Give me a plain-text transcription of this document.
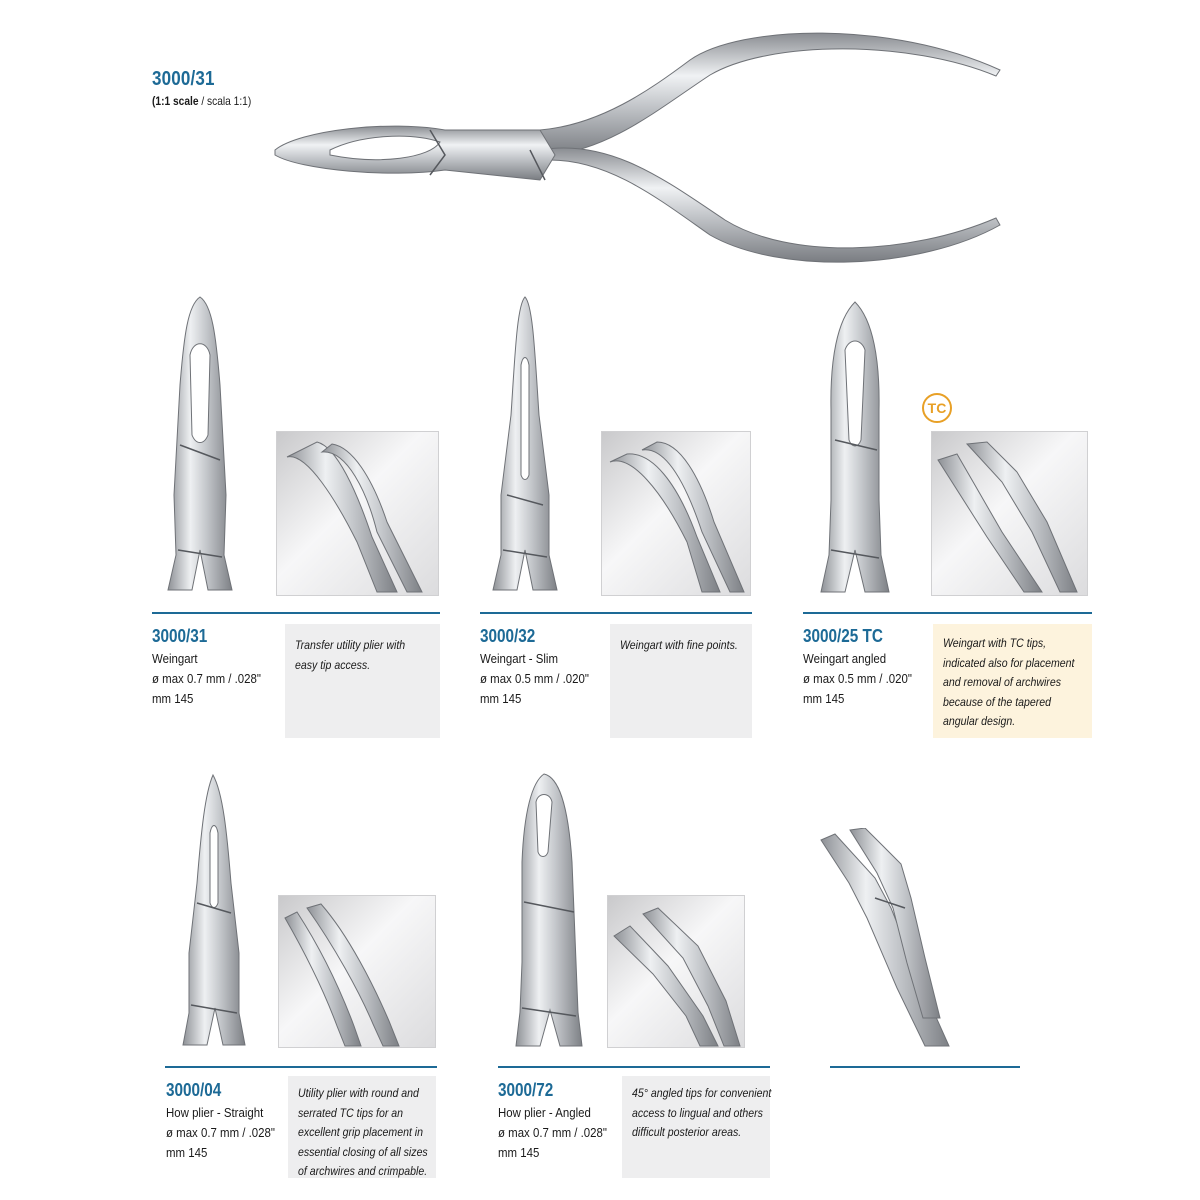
3000/31
(1:1 scale / scala 1:1)
TC
3000/31
Weingart
ø max 0.7 mm / .028"
mm 145
Transfer utility plier with
easy tip access.
3000/32
Weingart - Slim
ø max 0.5 mm / .020"
mm 145
Weingart with fine points.	3000/25 TC
Weingart angled
ø max 0.5 mm / .020"
mm 145
Weingart with TC tips,
indicated also for placement
and removal of archwires
because of the tapered
angular design.
3000/04
How plier - Straight
ø max 0.7 mm / .028"
mm 145
Utility plier with round and
serrated TC tips for an
excellent grip placement in
essential closing of all sizes
of archwires and crimpable.
3000/72
How plier - Angled
ø max 0.7 mm / .028"
mm 145
45° angled tips for convenient
access to lingual and others
difficult posterior areas.
